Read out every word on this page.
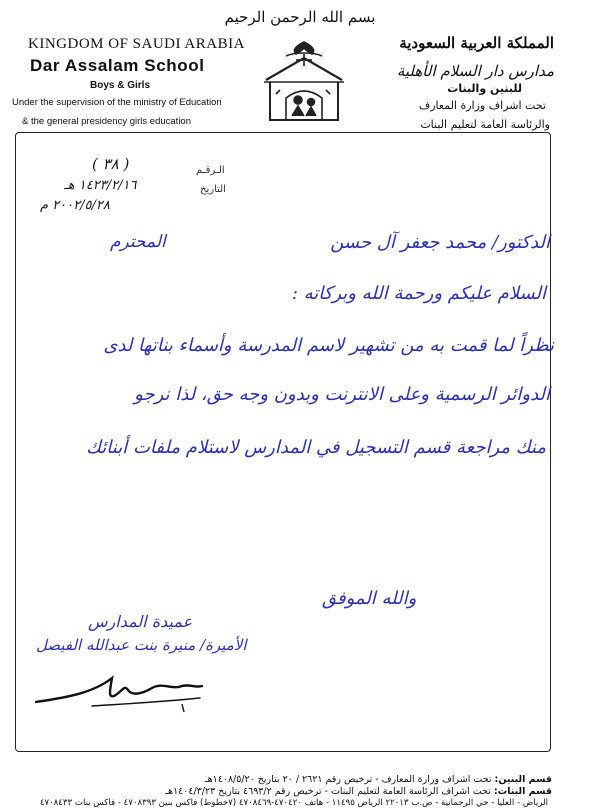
بسم الله الرحمن الرحيم
KINGDOM OF SAUDI ARABIA
Dar Assalam School
Boys & Girls
Under the supervision of the ministry of Education
& the general presidency girls education
المملكة العربية السعودية
مدارس دار السلام الأهلية
للبنين والبنات
تحت اشراف وزارة المعارف
والرئاسة العامة لتعليم البنات
الـرقـم
التاريخ
( ٣٨ )
١٤٢٣/٢/١٦ هـ
٢٠٠٢/٥/٢٨ م
الدكتور/ محمد جعفر آل حسن
المحترم
السلام عليكم ورحمة الله وبركاته :
نظراً لما قمت به من تشهير لاسم المدرسة وأسماء بناتها لدى
الدوائر الرسمية وعلى الانترنت وبدون وجه حق، لذا نرجو
منك مراجعة قسم التسجيل في المدارس لاستلام ملفات أبنائك
والله الموفق
عميدة المدارس
الأميرة/ منيرة بنت عبدالله الفيصل
قسم البنين: تحت اشراف وزارة المعارف - ترخيص رقم ٢٦٢١ / ٢٠ بتاريخ ١٤٠٨/٥/٢٠هـ
قسم البنات: تحت اشراف الرئاسة العامة لتعليم البنات - ترخيص رقم ٤٦٩٣/٢ بتاريخ ١٤٠٤/٣/٢٣هـ
الرياض - العليا - حي الرحمانية - ص.ب ٢٢٠١٣ الرياض ١١٤٩٥ - هاتف ٤٧٠٤٢٠-٤٧٠٨٤٦٩ (٧خطوط) فاكس بنين ٤٧٠٨٣٩٣ - فاكس بنات ٤٧٠٨٤٣٣
